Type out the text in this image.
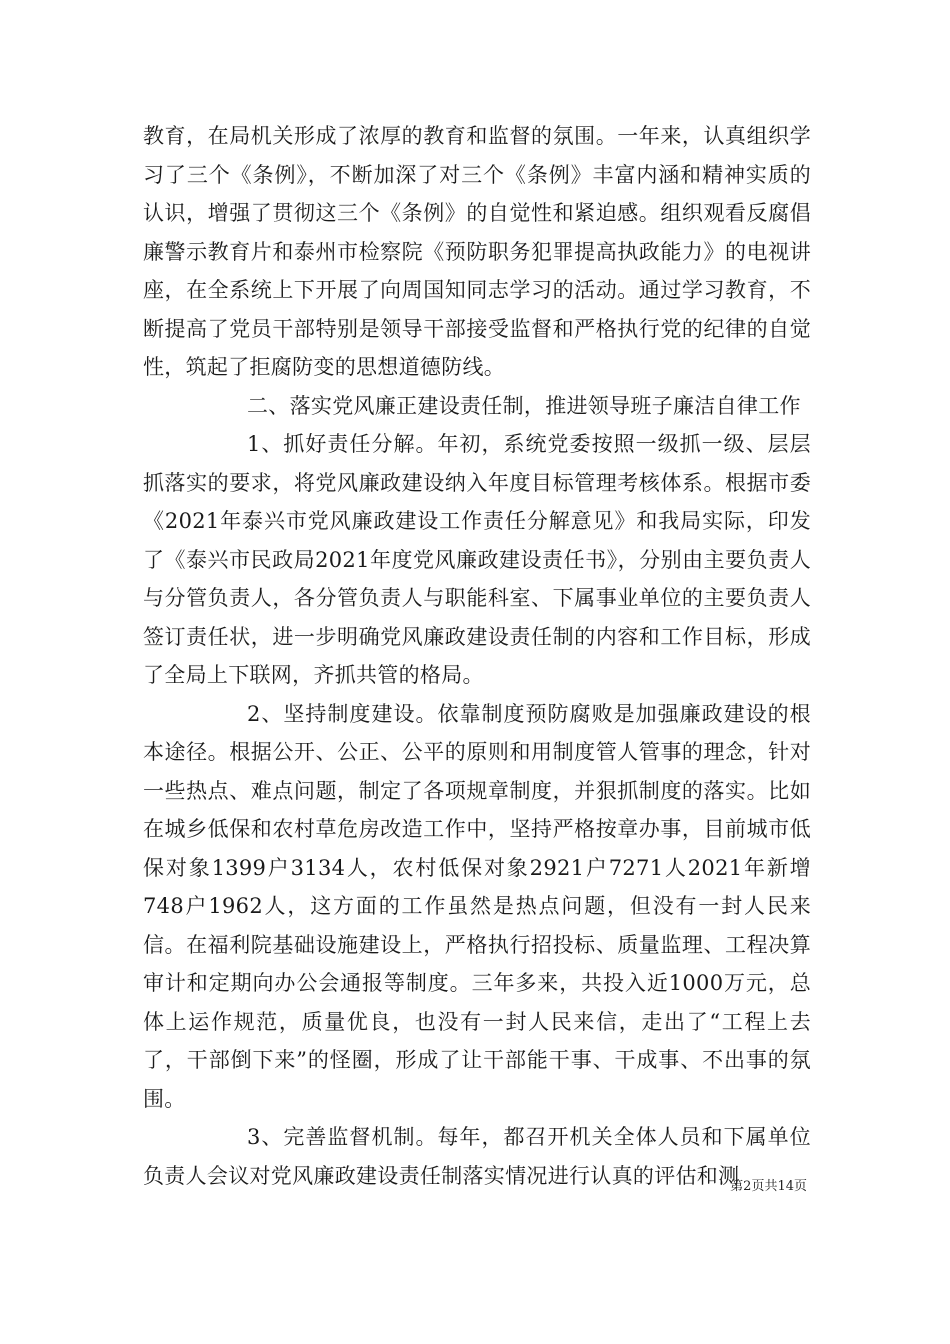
教育，在局机关形成了浓厚的教育和监督的氛围。一年来，认真组织学习了三个《条例》，不断加深了对三个《条例》丰富内涵和精神实质的认识，增强了贯彻这三个《条例》的自觉性和紧迫感。组织观看反腐倡廉警示教育片和泰州市检察院《预防职务犯罪提高执政能力》的电视讲座，在全系统上下开展了向周国知同志学习的活动。通过学习教育，不断提高了党员干部特别是领导干部接受监督和严格执行党的纪律的自觉性，筑起了拒腐防变的思想道德防线。

二、落实党风廉正建设责任制，推进领导班子廉洁自律工作

1、抓好责任分解。年初，系统党委按照一级抓一级、层层抓落实的要求，将党风廉政建设纳入年度目标管理考核体系。根据市委《2021年泰兴市党风廉政建设工作责任分解意见》和我局实际，印发了《泰兴市民政局2021年度党风廉政建设责任书》，分别由主要负责人与分管负责人，各分管负责人与职能科室、下属事业单位的主要负责人签订责任状，进一步明确党风廉政建设责任制的内容和工作目标，形成了全局上下联网，齐抓共管的格局。

2、坚持制度建设。依靠制度预防腐败是加强廉政建设的根本途径。根据公开、公正、公平的原则和用制度管人管事的理念，针对一些热点、难点问题，制定了各项规章制度，并狠抓制度的落实。比如在城乡低保和农村草危房改造工作中，坚持严格按章办事，目前城市低保对象1399户3134人，农村低保对象2921户7271人2021年新增748户1962人，这方面的工作虽然是热点问题，但没有一封人民来信。在福利院基础设施建设上，严格执行招投标、质量监理、工程决算审计和定期向办公会通报等制度。三年多来，共投入近1000万元，总体上运作规范，质量优良，也没有一封人民来信，走出了“工程上去了，干部倒下来”的怪圈，形成了让干部能干事、干成事、不出事的氛围。

3、完善监督机制。每年，都召开机关全体人员和下属单位负责人会议对党风廉政建设责任制落实情况进行认真的评估和测

第2页共14页
